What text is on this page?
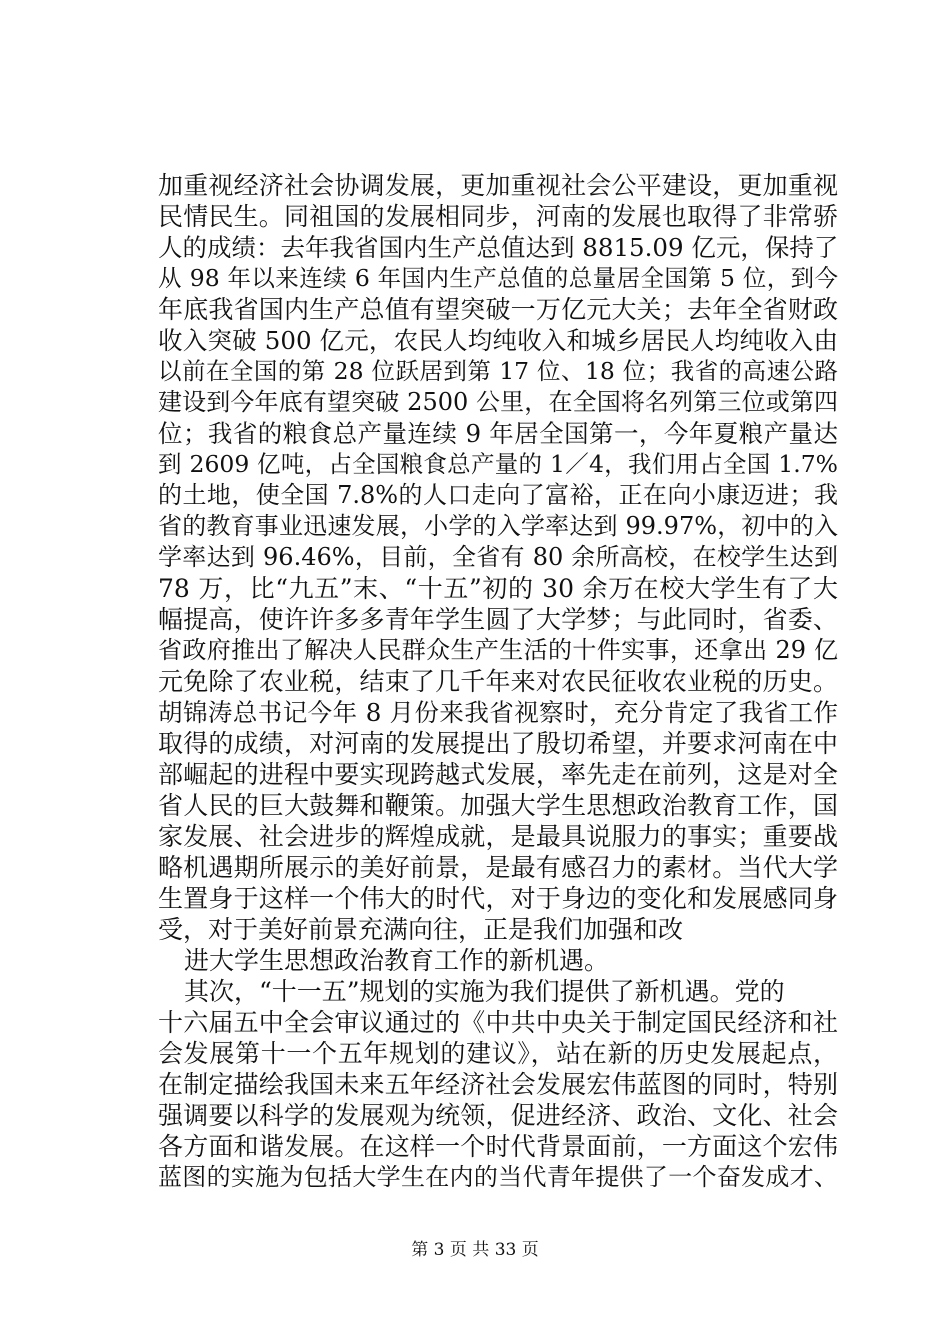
加重视经济社会协调发展，更加重视社会公平建设，更加重视
民情民生。同祖国的发展相同步，河南的发展也取得了非常骄
人的成绩：去年我省国内生产总值达到 8815.09 亿元，保持了
从 98 年以来连续 6 年国内生产总值的总量居全国第 5 位，到今
年底我省国内生产总值有望突破一万亿元大关；去年全省财政
收入突破 500 亿元，农民人均纯收入和城乡居民人均纯收入由
以前在全国的第 28 位跃居到第 17 位、18 位；我省的高速公路
建设到今年底有望突破 2500 公里，在全国将名列第三位或第四
位；我省的粮食总产量连续 9 年居全国第一，今年夏粮产量达
到 2609 亿吨，占全国粮食总产量的 1／4，我们用占全国 1.7%
的土地，使全国 7.8%的人口走向了富裕，正在向小康迈进；我
省的教育事业迅速发展，小学的入学率达到 99.97%，初中的入
学率达到 96.46%，目前，全省有 80 余所高校，在校学生达到
78 万，比“九五”末、“十五”初的 30 余万在校大学生有了大
幅提高，使许许多多青年学生圆了大学梦；与此同时，省委、
省政府推出了解决人民群众生产生活的十件实事，还拿出 29 亿
元免除了农业税，结束了几千年来对农民征收农业税的历史。
胡锦涛总书记今年 8 月份来我省视察时，充分肯定了我省工作
取得的成绩，对河南的发展提出了殷切希望，并要求河南在中
部崛起的进程中要实现跨越式发展，率先走在前列，这是对全
省人民的巨大鼓舞和鞭策。加强大学生思想政治教育工作，国
家发展、社会进步的辉煌成就，是最具说服力的事实；重要战
略机遇期所展示的美好前景，是最有感召力的素材。当代大学
生置身于这样一个伟大的时代，对于身边的变化和发展感同身
受，对于美好前景充满向往，正是我们加强和改
进大学生思想政治教育工作的新机遇。
其次，“十一五”规划的实施为我们提供了新机遇。党的
十六届五中全会审议通过的《中共中央关于制定国民经济和社
会发展第十一个五年规划的建议》，站在新的历史发展起点，
在制定描绘我国未来五年经济社会发展宏伟蓝图的同时，特别
强调要以科学的发展观为统领，促进经济、政治、文化、社会
各方面和谐发展。在这样一个时代背景面前，一方面这个宏伟
蓝图的实施为包括大学生在内的当代青年提供了一个奋发成才、
第 3 页 共 33 页
